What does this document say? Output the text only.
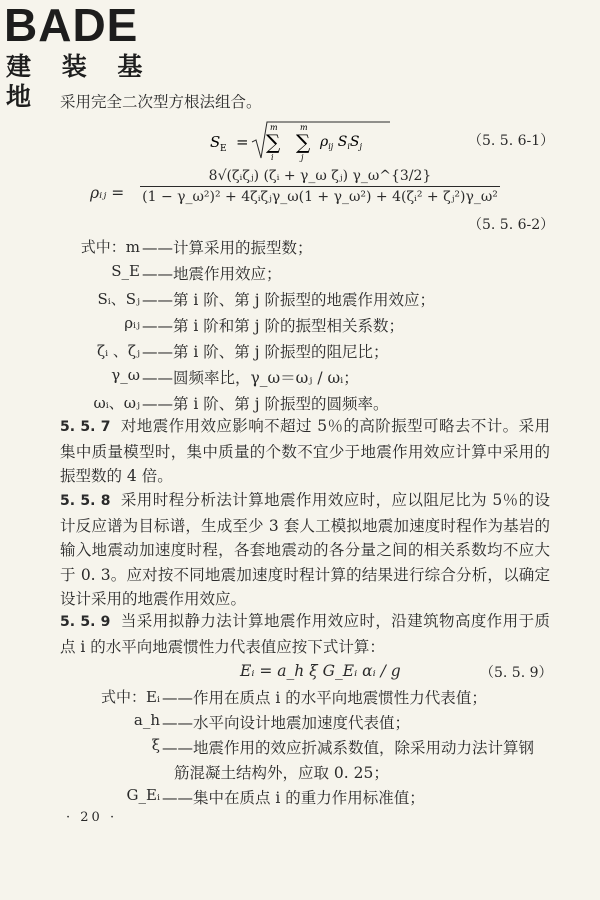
BADE
建 装 基 地	采用完全二次型方根法组合。
S E =
m
∑
i
m
∑
j
$\rho_{ij}$ $S_iS_j$	（5. 5. 6-1）
ρᵢⱼ =
8√(ζᵢζⱼ) (ζᵢ + γ_ω ζⱼ) γ_ω^{3/2}
(1 − γ_ω²)² + 4ζᵢζⱼγ_ω(1 + γ_ω²) + 4(ζᵢ² + ζⱼ²)γ_ω²
（5. 5. 6-2）
式中：m ——计算采用的振型数；
S_E ——地震作用效应；
Sᵢ、Sⱼ ——第 i 阶、第 j 阶振型的地震作用效应；
ρᵢⱼ ——第 i 阶和第 j 阶的振型相关系数；
ζᵢ 、ζⱼ ——第 i 阶、第 j 阶振型的阻尼比；
γ_ω ——圆频率比，γ_ω＝ωⱼ / ωᵢ；
ωᵢ、ωⱼ ——第 i 阶、第 j 阶振型的圆频率。
5. 5. 7 对地震作用效应影响不超过 5％的高阶振型可略去不计。采用集中质量模型时，集中质量的个数不宜少于地震作用效应计算中采用的振型数的 4 倍。
5. 5. 8 采用时程分析法计算地震作用效应时，应以阻尼比为 5％的设计反应谱为目标谱，生成至少 3 套人工模拟地震加速度时程作为基岩的输入地震动加速度时程，各套地震动的各分量之间的相关系数均不应大于 0. 3。应对按不同地震加速度时程计算的结果进行综合分析，以确定设计采用的地震作用效应。
5. 5. 9 当采用拟静力法计算地震作用效应时，沿建筑物高度作用于质点 i 的水平向地震惯性力代表值应按下式计算：
Eᵢ = a_h ξ G_Eᵢ αᵢ / g	（5. 5. 9）
式中：Eᵢ ——作用在质点 i 的水平向地震惯性力代表值；
a_h ——水平向设计地震加速度代表值；
ξ ——地震作用的效应折减系数值，除采用动力法计算钢
筋混凝土结构外，应取 0. 25；
G_Eᵢ ——集中在质点 i 的重力作用标准值；
· 20 ·
